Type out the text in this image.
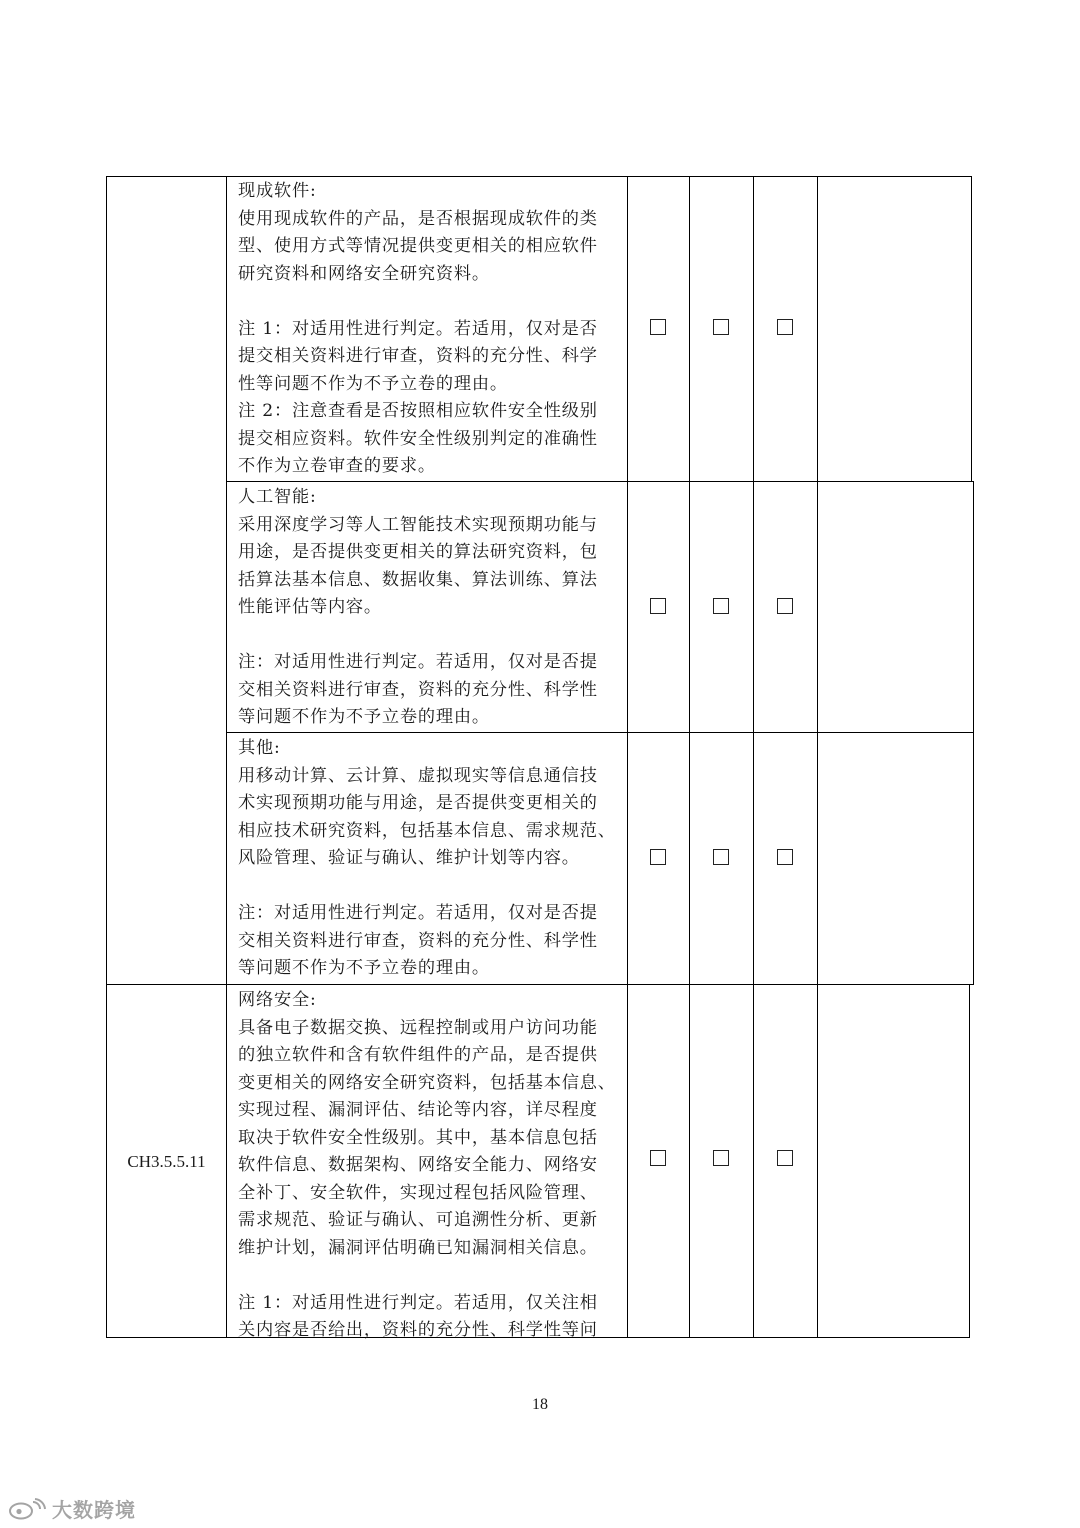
现成软件:

使用现成软件的产品，是否根据现成软件的类

型、使用方式等情况提供变更相关的相应软件

研究资料和网络安全研究资料。

注 1：对适用性进行判定。若适用，仅对是否

提交相关资料进行审查，资料的充分性、科学

性等问题不作为不予立卷的理由。

注 2：注意查看是否按照相应软件安全性级别

提交相应资料。软件安全性级别判定的准确性

不作为立卷审查的要求。

人工智能:

采用深度学习等人工智能技术实现预期功能与

用途，是否提供变更相关的算法研究资料，包

括算法基本信息、数据收集、算法训练、算法

性能评估等内容。

注：对适用性进行判定。若适用，仅对是否提

交相关资料进行审查，资料的充分性、科学性

等问题不作为不予立卷的理由。

其他:

用移动计算、云计算、虚拟现实等信息通信技

术实现预期功能与用途，是否提供变更相关的

相应技术研究资料，包括基本信息、需求规范、

风险管理、验证与确认、维护计划等内容。

注：对适用性进行判定。若适用，仅对是否提

交相关资料进行审查，资料的充分性、科学性

等问题不作为不予立卷的理由。

CH3.5.5.11

网络安全:

具备电子数据交换、远程控制或用户访问功能

的独立软件和含有软件组件的产品，是否提供

变更相关的网络安全研究资料，包括基本信息、

实现过程、漏洞评估、结论等内容，详尽程度

取决于软件安全性级别。其中，基本信息包括

软件信息、数据架构、网络安全能力、网络安

全补丁、安全软件，实现过程包括风险管理、

需求规范、验证与确认、可追溯性分析、更新

维护计划，漏洞评估明确已知漏洞相关信息。

注 1：对适用性进行判定。若适用，仅关注相

关内容是否给出，资料的充分性、科学性等问

18
大数跨境
